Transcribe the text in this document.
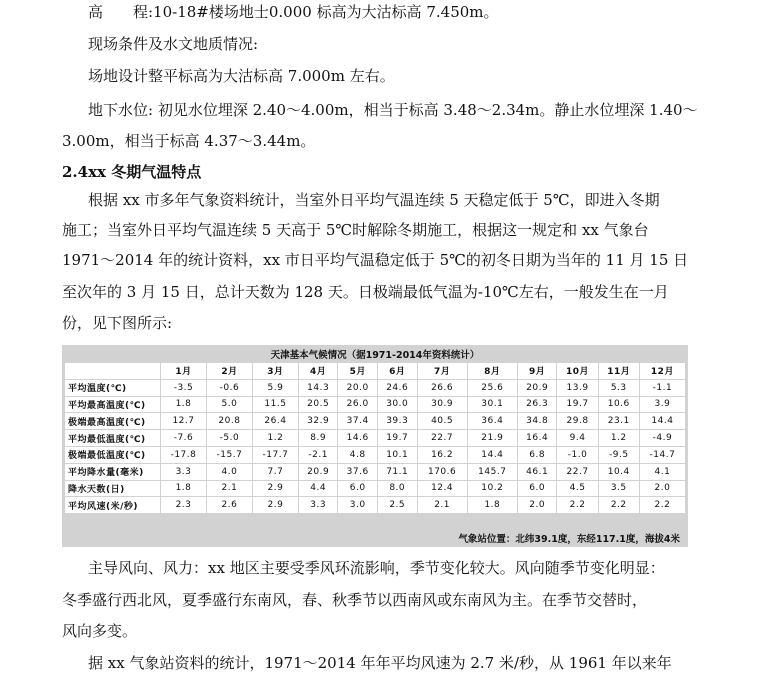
高　　程:10-18#楼场地士0.000 标高为大沽标高 7.450m。
现场条件及水文地质情况:
场地设计整平标高为大沽标高 7.000m 左右。
地下水位: 初见水位埋深 2.40～4.00m，相当于标高 3.48～2.34m。静止水位埋深 1.40～
3.00m，相当于标高 4.37～3.44m。
2.4xx 冬期气温特点
根据 xx 市多年气象资料统计，当室外日平均气温连续 5 天稳定低于 5℃，即进入冬期
施工；当室外日平均气温连续 5 天高于 5℃时解除冬期施工，根据这一规定和 xx 气象台
1971～2014 年的统计资料，xx 市日平均气温稳定低于 5℃的初冬日期为当年的 11 月 15 日
至次年的 3 月 15 日，总计天数为 128 天。日极端最低气温为-10℃左右，一般发生在一月
份，见下图所示:
天津基本气候情况（据1971-2014年资料统计）
	1月	2月	3月	4月	5月	6月	7月	8月	9月	10月	11月	12月
平均温度(℃)	-3.5	-0.6	5.9	14.3	20.0	24.6	26.6	25.6	20.9	13.9	5.3	-1.1
平均最高温度(℃)	1.8	5.0	11.5	20.5	26.0	30.0	30.9	30.1	26.3	19.7	10.6	3.9
极端最高温度(℃)	12.7	20.8	26.4	32.9	37.4	39.3	40.5	36.4	34.8	29.8	23.1	14.4
平均最低温度(℃)	-7.6	-5.0	1.2	8.9	14.6	19.7	22.7	21.9	16.4	9.4	1.2	-4.9
极端最低温度(℃)	-17.8	-15.7	-17.7	-2.1	4.8	10.1	16.2	14.4	6.8	-1.0	-9.5	-14.7
平均降水量(毫米)	3.3	4.0	7.7	20.9	37.6	71.1	170.6	145.7	46.1	22.7	10.4	4.1
降水天数(日)	1.8	2.1	2.9	4.4	6.0	8.0	12.4	10.2	6.0	4.5	3.5	2.0
平均风速(米/秒)	2.3	2.6	2.9	3.3	3.0	2.5	2.1	1.8	2.0	2.2	2.2	2.2
气象站位置：北纬39.1度，东经117.1度，海拔4米
主导风向、风力：xx 地区主要受季风环流影响，季节变化较大。风向随季节变化明显：
冬季盛行西北风，夏季盛行东南风，春、秋季节以西南风或东南风为主。在季节交替时，
风向多变。
据 xx 气象站资料的统计，1971～2014 年年平均风速为 2.7 米/秒，从 1961 年以来年
